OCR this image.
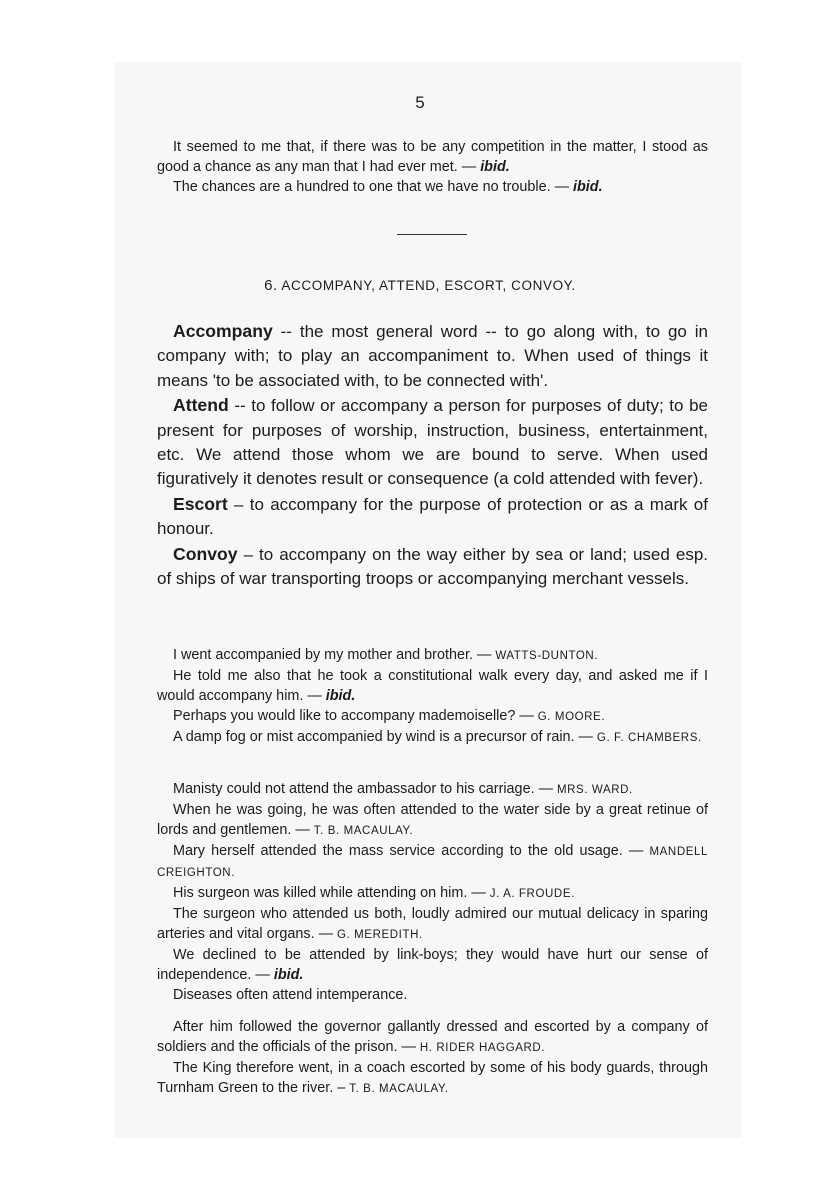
5

It seemed to me that, if there was to be any competition in the matter, I stood as good a chance as any man that I had ever met. — ibid.

The chances are a hundred to one that we have no trouble. — ibid.

6. ACCOMPANY, ATTEND, ESCORT, CONVOY.

Accompany -- the most general word -- to go along with, to go in company with; to play an accompaniment to. When used of things it means 'to be associated with, to be connected with'.

Attend -- to follow or accompany a person for purposes of duty; to be present for purposes of worship, instruction, business, entertainment, etc. We attend those whom we are bound to serve. When used figuratively it denotes result or consequence (a cold attended with fever).

Escort – to accompany for the purpose of protection or as a mark of honour.

Convoy – to accompany on the way either by sea or land; used esp. of ships of war transporting troops or accompanying merchant vessels.

I went accompanied by my mother and brother. — WATTS-DUNTON.

He told me also that he took a constitutional walk every day, and asked me if I would accompany him. — ibid.

Perhaps you would like to accompany mademoiselle? — G. MOORE.

A damp fog or mist accompanied by wind is a precursor of rain. — G. F. CHAMBERS.

Manisty could not attend the ambassador to his carriage. — MRS. WARD.

When he was going, he was often attended to the water side by a great retinue of lords and gentlemen. — T. B. MACAULAY.

Mary herself attended the mass service according to the old usage. — MANDELL CREIGHTON.

His surgeon was killed while attending on him. — J. A. FROUDE.

The surgeon who attended us both, loudly admired our mutual delicacy in sparing arteries and vital organs. — G. MEREDITH.

We declined to be attended by link-boys; they would have hurt our sense of independence. — ibid.

Diseases often attend intemperance.

After him followed the governor gallantly dressed and escorted by a company of soldiers and the officials of the prison. — H. RIDER HAGGARD.

The King therefore went, in a coach escorted by some of his body guards, through Turnham Green to the river. – T. B. MACAULAY.
